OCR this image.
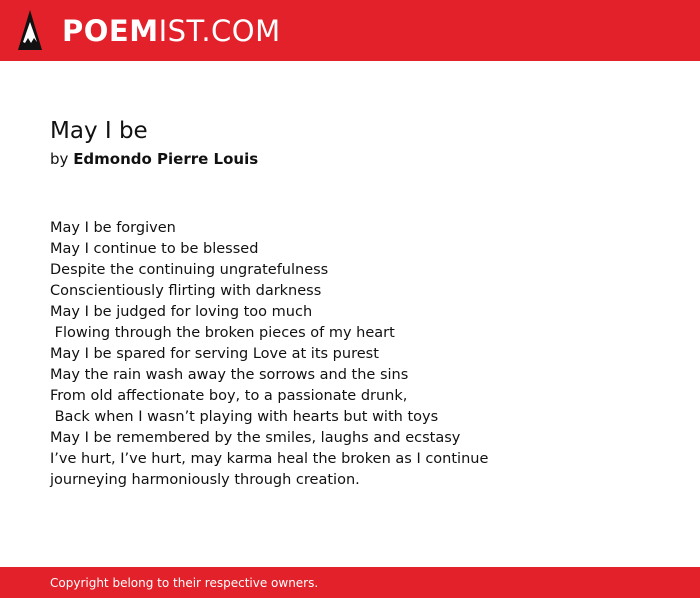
POEMIST.COM
May I be
by Edmondo Pierre Louis
May I be forgiven
May I continue to be blessed
Despite the continuing ungratefulness
Conscientiously flirting with darkness
May I be judged for loving too much
Flowing through the broken pieces of my heart
May I be spared for serving Love at its purest
May the rain wash away the sorrows and the sins
From old affectionate boy, to a passionate drunk,
Back when I wasn’t playing with hearts but with toys
May I be remembered by the smiles, laughs and ecstasy
I’ve hurt, I’ve hurt, may karma heal the broken as I continue
journeying harmoniously through creation.
Copyright belong to their respective owners.
